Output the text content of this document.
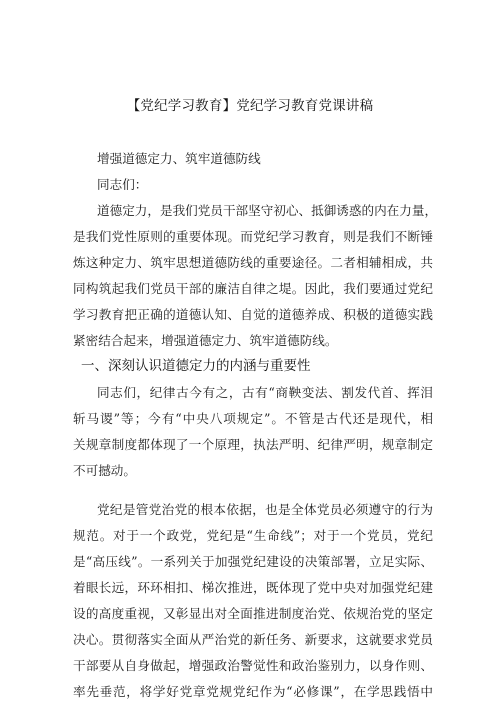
【党纪学习教育】党纪学习教育党课讲稿
增强道德定力、筑牢道德防线
同志们：
道德定力，是我们党员干部坚守初心、抵御诱惑的内在力量，
是我们党性原则的重要体现。而党纪学习教育，则是我们不断锤
炼这种定力、筑牢思想道德防线的重要途径。二者相辅相成，共
同构筑起我们党员干部的廉洁自律之堤。因此，我们要通过党纪
学习教育把正确的道德认知、自觉的道德养成、积极的道德实践
紧密结合起来，增强道德定力、筑牢道德防线。
一、深刻认识道德定力的内涵与重要性
同志们，纪律古今有之，古有“商鞅变法、割发代首、挥泪
斩马谡”等；今有“中央八项规定”。不管是古代还是现代，相
关规章制度都体现了一个原理，执法严明、纪律严明，规章制定
不可撼动。
党纪是管党治党的根本依据，也是全体党员必须遵守的行为
规范。对于一个政党，党纪是“生命线”；对于一个党员，党纪
是“高压线”。一系列关于加强党纪建设的决策部署，立足实际、
着眼长远，环环相扣、梯次推进，既体现了党中央对加强党纪建
设的高度重视，又彰显出对全面推进制度治党、依规治党的坚定
决心。贯彻落实全面从严治党的新任务、新要求，这就要求党员
干部要从自身做起，增强政治警觉性和政治鉴别力，以身作则、
率先垂范，将学好党章党规党纪作为“必修课”，在学思践悟中
